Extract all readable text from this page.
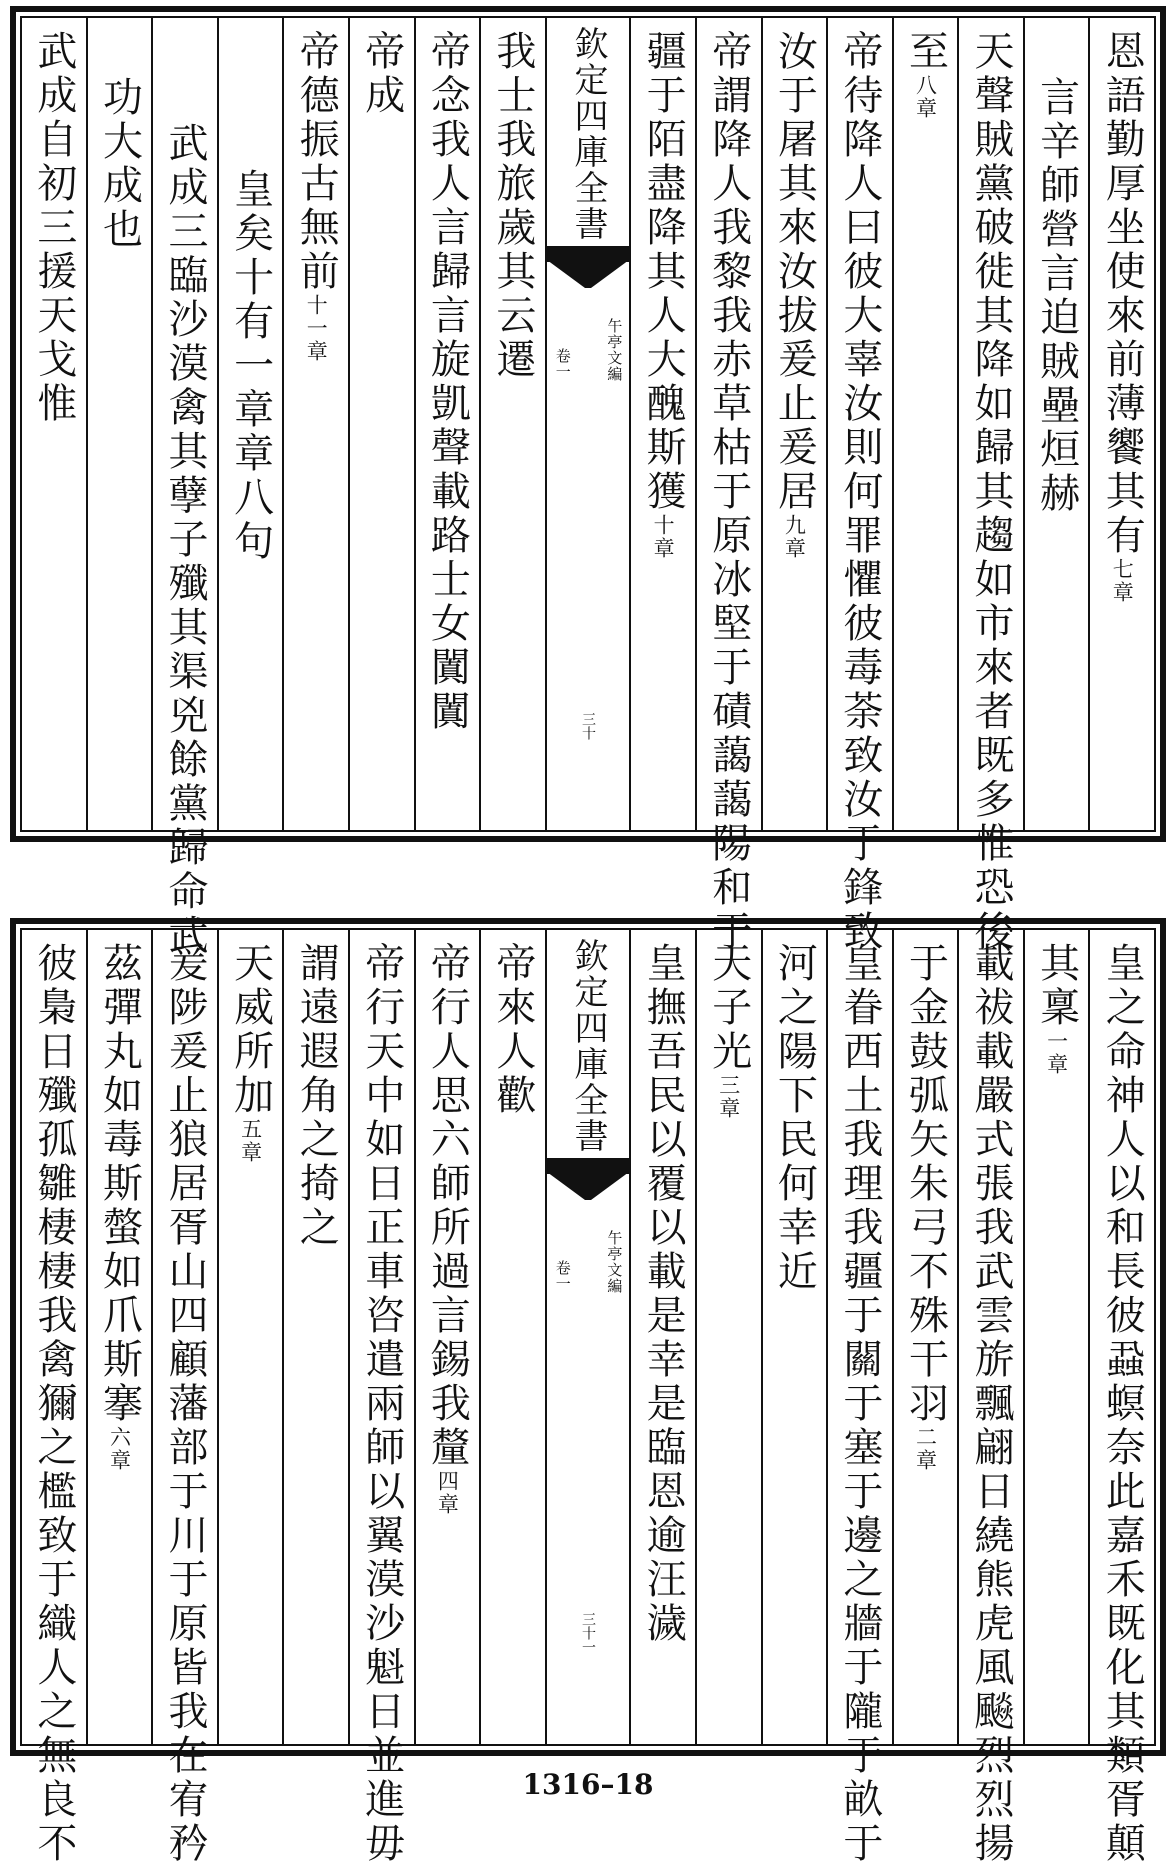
恩語勤厚坐使來前薄饗其有七章
言辛師營言迫賊壘烜赫
天聲賊黨破徙其降如歸其趨如市來者既多惟恐後
至八章
帝待降人曰彼大辜汝則何罪懼彼毒荼致汝于鋒致
汝于屠其來汝拔爰止爰居九章
帝謂降人我黎我赤草枯于原冰堅于磧藹藹陽和于
疆于陌盡降其人大醜斯獲十章
欽定四庫全書
午亭文編
卷一
三十
我士我旅歲其云遷
帝念我人言歸言旋凱聲載路士女闐闐
帝成
帝德振古無前十一章
皇矣十有一章章八句
武成三臨沙漠禽其孽子殲其渠兇餘黨歸命武
功大成也
武成自初三援天戈惟
皇之命神人以和長彼蝨螟奈此嘉禾既化其類胥顛
其稟一章
載祓載嚴式張我武雲旂飄翩日繞熊虎風飈烈烈揚
于金鼓弧矢朱弓不殊干羽二章
皇眷西土我理我疆于關于塞于邊之牆于隴于畝于
河之陽下民何幸近
天子光三章
皇撫吾民以覆以載是幸是臨恩逾汪濊
欽定四庫全書
午亭文編
卷一
三十一
帝來人歡
帝行人思六師所過言錫我釐四章
帝行天中如日正車咨遣兩師以翼漠沙魁日並進毋
謂遠遐角之掎之
天威所加五章
爰陟爰止狼居胥山四顧藩部于川于原皆我在宥矜
茲彈丸如毒斯螫如爪斯搴六章
彼梟日殲孤雛棲棲我禽獮之檻致于織人之無良不	1316–18
